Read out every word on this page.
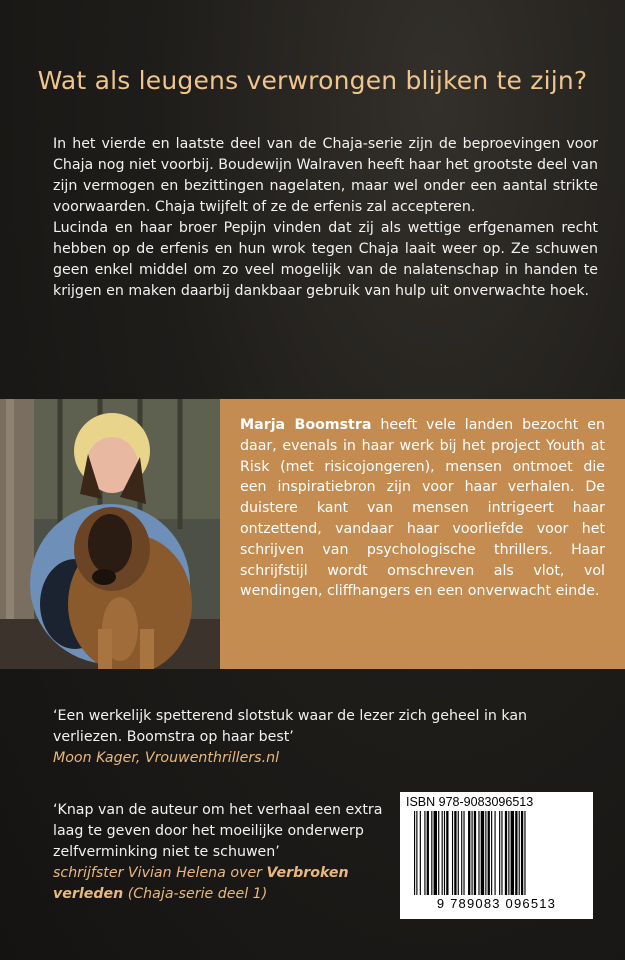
Wat als leugens verwrongen blijken te zijn?

In het vierde en laatste deel van de Chaja-serie zijn de beproevingen voor Chaja nog niet voorbij. Boudewijn Walraven heeft haar het grootste deel van zijn vermogen en bezittingen nagelaten, maar wel onder een aantal strikte voorwaarden. Chaja twijfelt of ze de erfenis zal accepteren.

Lucinda en haar broer Pepijn vinden dat zij als wettige erfgenamen recht hebben op de erfenis en hun wrok tegen Chaja laait weer op. Ze schuwen geen enkel middel om zo veel mogelijk van de nalatenschap in handen te krijgen en maken daarbij dankbaar gebruik van hulp uit onverwachte hoek.

Marja Boomstra heeft vele landen bezocht en daar, evenals in haar werk bij het project Youth at Risk (met risicojongeren), mensen ontmoet die een inspiratiebron zijn voor haar verhalen. De duistere kant van mensen intrigeert haar ontzettend, vandaar haar voorliefde voor het schrijven van psychologische thrillers. Haar schrijfstijl wordt omschreven als vlot, vol wendingen, cliffhangers en een onverwacht einde.
‘Een werkelijk spetterend slotstuk waar de lezer zich geheel in kan verliezen. Boomstra op haar best’
Moon Kager, Vrouwenthrillers.nl
‘Knap van de auteur om het verhaal een extra laag te geven door het moeilijke onderwerp zelfverminking niet te schuwen’
schrijfster Vivian Helena over Verbroken verleden (Chaja-serie deel 1)
ISBN 978-9083096513
9 789083 096513
